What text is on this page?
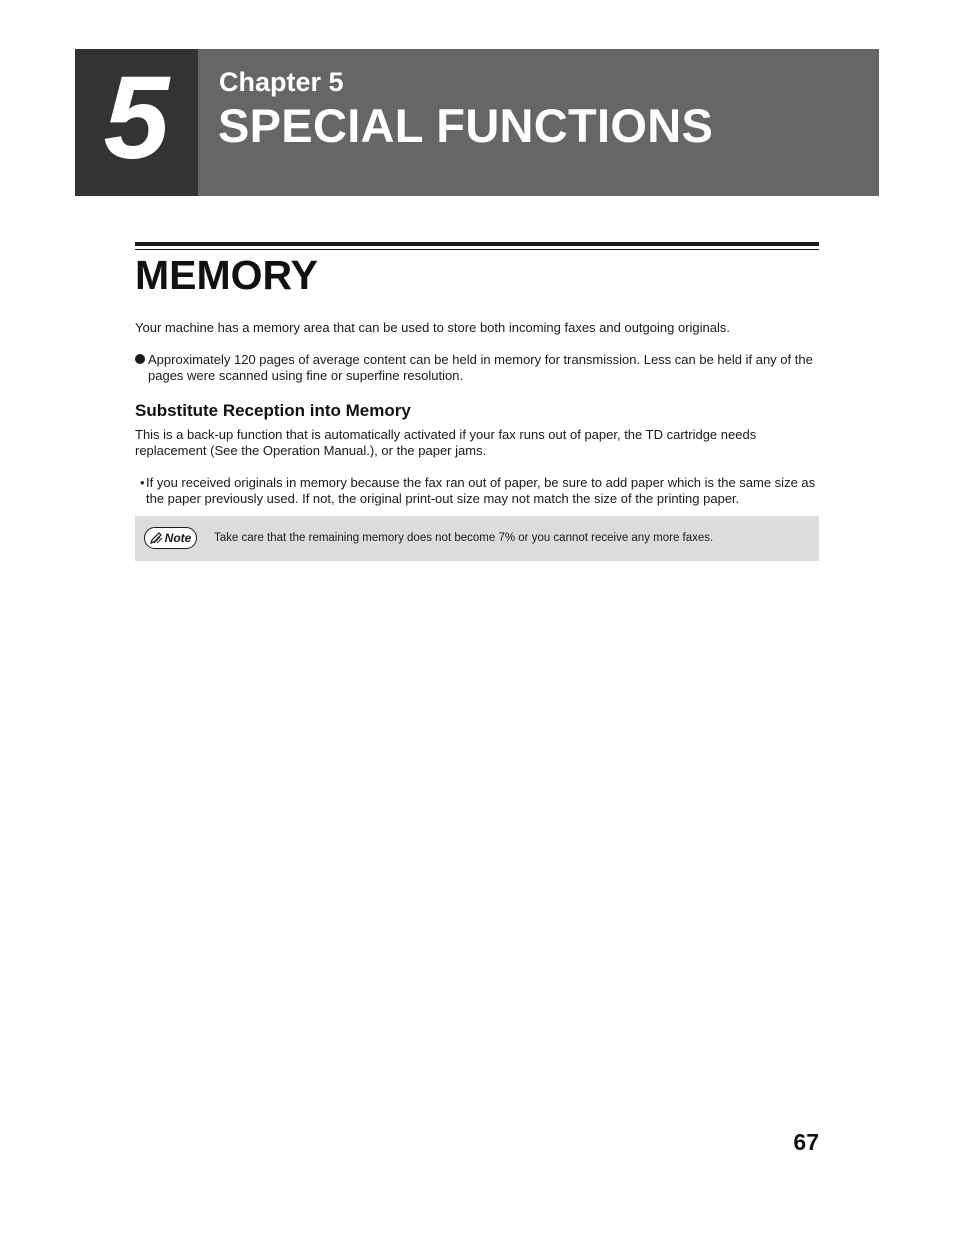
5	Chapter 5
SPECIAL FUNCTIONS
MEMORY
Your machine has a memory area that can be used to store both incoming faxes and outgoing originals.
Approximately 120 pages of average content can be held in memory for transmission. Less can be held if any of the pages were scanned using fine or superfine resolution.
Substitute Reception into Memory
This is a back-up function that is automatically activated if your fax runs out of paper, the TD cartridge needs replacement (See the Operation Manual.), or the paper jams.
• If you received originals in memory because the fax ran out of paper, be sure to add paper which is the same size as the paper previously used. If not, the original print-out size may not match the size of the printing paper.
Note Take care that the remaining memory does not become 7% or you cannot receive any more faxes.
67
